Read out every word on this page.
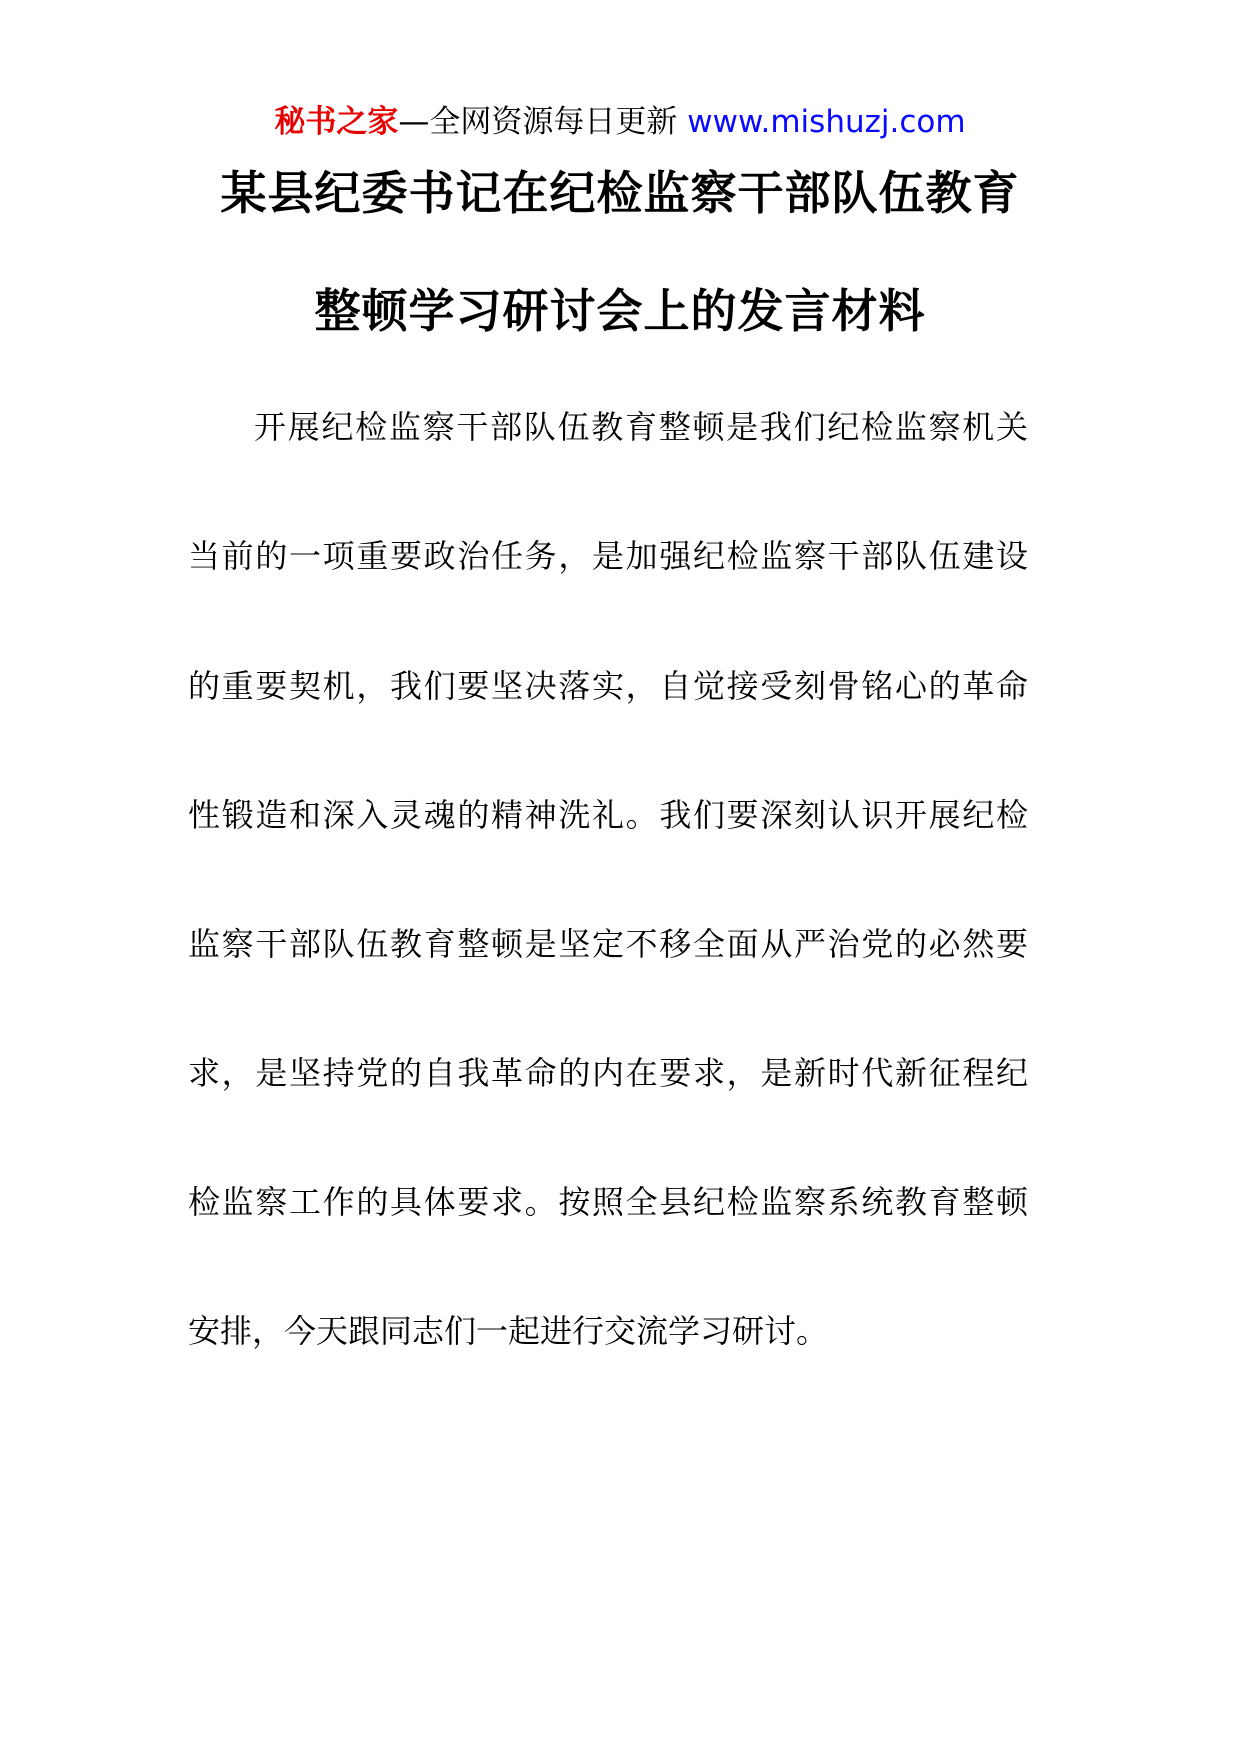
秘书之家—全网资源每日更新 www.mishuzj.com
某县纪委书记在纪检监察干部队伍教育
整顿学习研讨会上的发言材料
开展纪检监察干部队伍教育整顿是我们纪检监察机关
当前的一项重要政治任务，是加强纪检监察干部队伍建设
的重要契机，我们要坚决落实，自觉接受刻骨铭心的革命
性锻造和深入灵魂的精神洗礼。我们要深刻认识开展纪检
监察干部队伍教育整顿是坚定不移全面从严治党的必然要
求，是坚持党的自我革命的内在要求，是新时代新征程纪
检监察工作的具体要求。按照全县纪检监察系统教育整顿
安排，今天跟同志们一起进行交流学习研讨。
